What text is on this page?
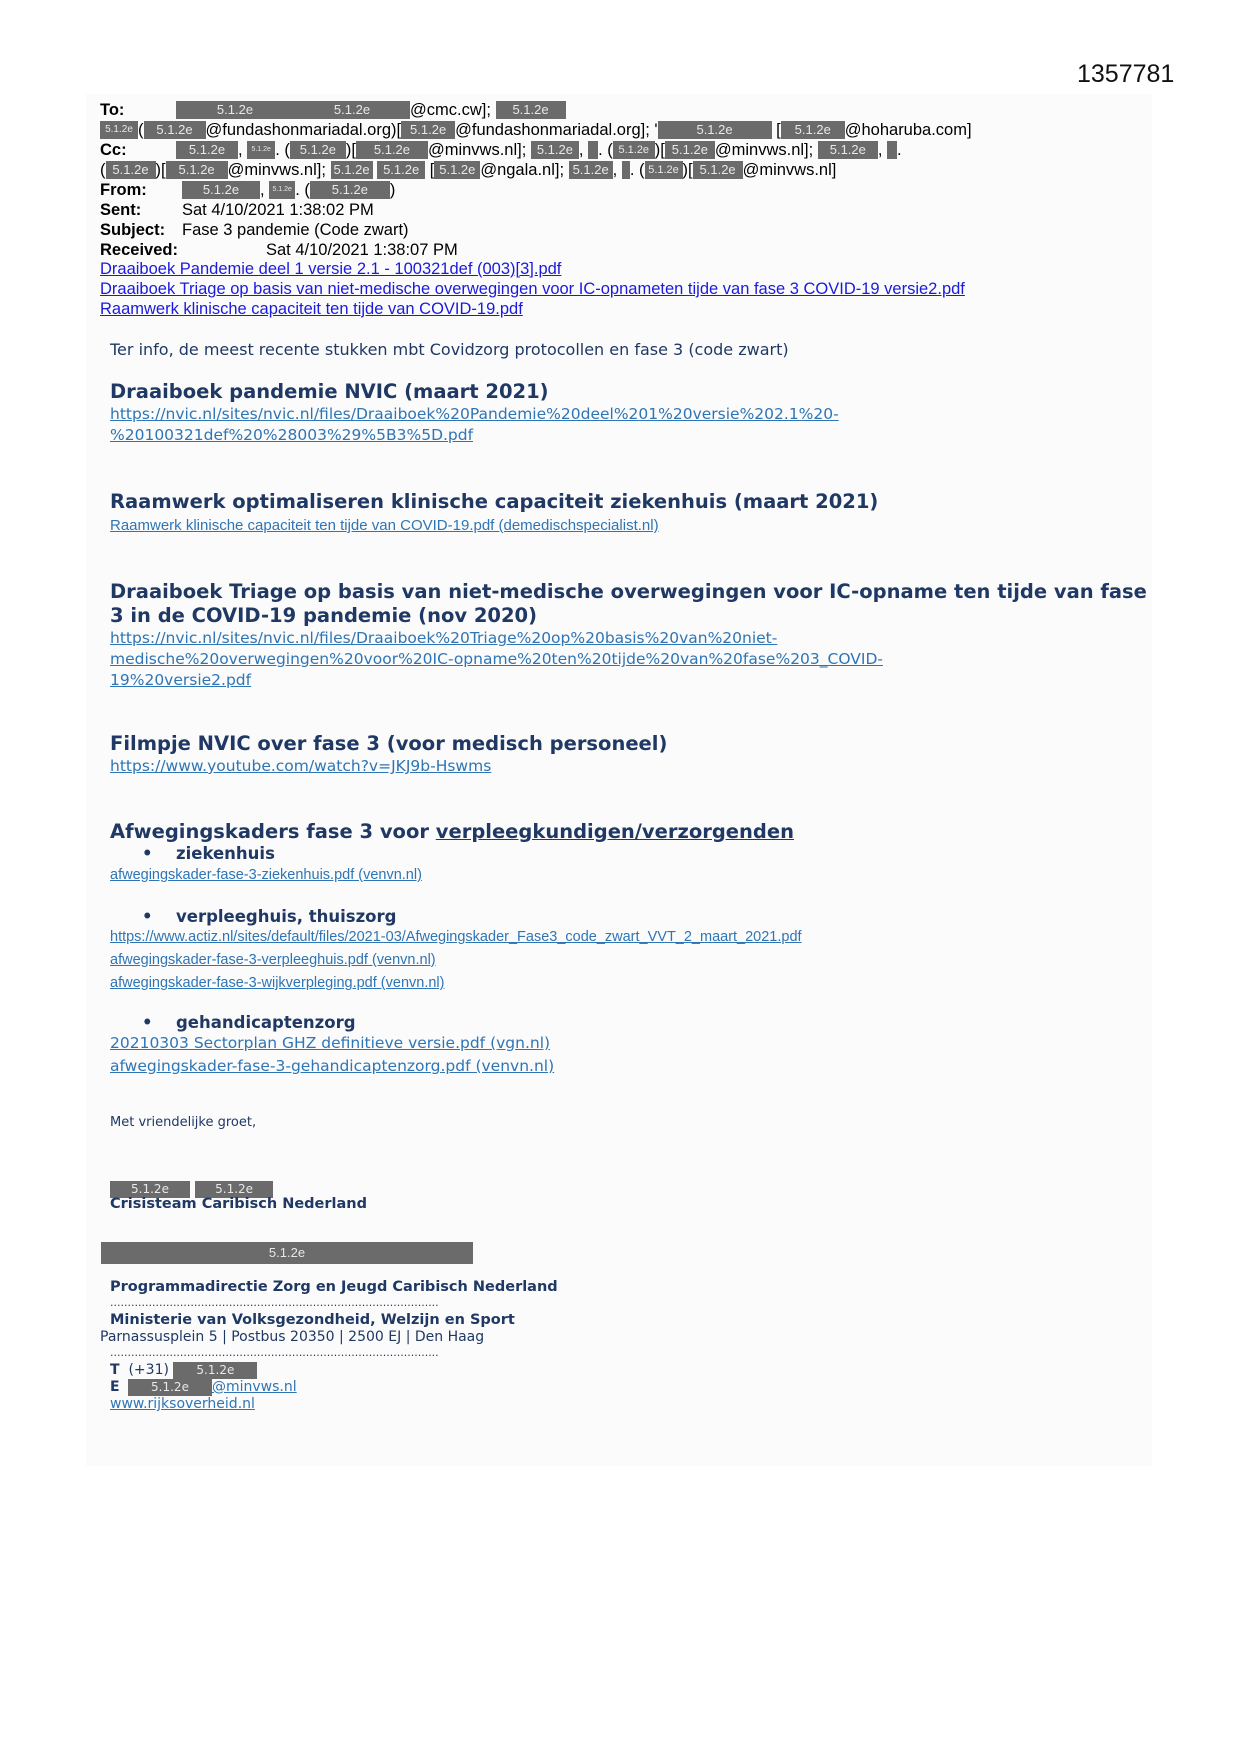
1357781
To:	5.1.2e	5.1.2e @cmc.cw]; 5.1.2e
5.1.2e ( 5.1.2e @fundashonmariadal.org)[ 5.1.2e @fundashonmariadal.org]; '	5.1.2e	[ 5.1.2e @hoharuba.com]
Cc:	5.1.2e , 5.1.2e . ( 5.1.2e )[ 5.1.2e @minvws.nl]; 5.1.2e , . ( 5.1.2e )[ 5.1.2e @minvws.nl]; 5.1.2e , .
( 5.1.2e )[ 5.1.2e @minvws.nl]; 5.1.2e 5.1.2e [ 5.1.2e @ngala.nl]; 5.1.2e , . ( 5.1.2e )[ 5.1.2e @minvws.nl]
From:	5.1.2e , 5.1.2e . ( 5.1.2e )
Sent: Sat 4/10/2021 1:38:02 PM
Subject: Fase 3 pandemie (Code zwart)
Received:	Sat 4/10/2021 1:38:07 PM
Draaiboek Pandemie deel 1 versie 2.1 - 100321def (003)[3].pdf
Draaiboek Triage op basis van niet-medische overwegingen voor IC-opnameten tijde van fase 3 COVID-19 versie2.pdf
Raamwerk klinische capaciteit ten tijde van COVID-19.pdf
Ter info, de meest recente stukken mbt Covidzorg protocollen en fase 3 (code zwart)
Draaiboek pandemie NVIC (maart 2021)
https://nvic.nl/sites/nvic.nl/files/Draaiboek%20Pandemie%20deel%201%20versie%202.1%20-
%20100321def%20%28003%29%5B3%5D.pdf
Raamwerk optimaliseren klinische capaciteit ziekenhuis (maart 2021)
Raamwerk klinische capaciteit ten tijde van COVID-19.pdf (demedischspecialist.nl)
Draaiboek Triage op basis van niet-medische overwegingen voor IC-opname ten tijde van fase
3 in de COVID-19 pandemie (nov 2020)
https://nvic.nl/sites/nvic.nl/files/Draaiboek%20Triage%20op%20basis%20van%20niet-
medische%20overwegingen%20voor%20IC-opname%20ten%20tijde%20van%20fase%203_COVID-
19%20versie2.pdf
Filmpje NVIC over fase 3 (voor medisch personeel)
https://www.youtube.com/watch?v=JKJ9b-Hswms
Afwegingskaders fase 3 voor verpleegkundigen/verzorgenden
• ziekenhuis
afwegingskader-fase-3-ziekenhuis.pdf (venvn.nl)
• verpleeghuis, thuiszorg
https://www.actiz.nl/sites/default/files/2021-03/Afwegingskader_Fase3_code_zwart_VVT_2_maart_2021.pdf
afwegingskader-fase-3-verpleeghuis.pdf (venvn.nl)
afwegingskader-fase-3-wijkverpleging.pdf (venvn.nl)
• gehandicaptenzorg
20210303 Sectorplan GHZ definitieve versie.pdf (vgn.nl)
afwegingskader-fase-3-gehandicaptenzorg.pdf (venvn.nl)
Met vriendelijke groet,
5.1.2e	5.1.2e
Crisisteam Caribisch Nederland
5.1.2e
Programmadirectie Zorg en Jeugd Caribisch Nederland
..............................................................................................
Ministerie van Volksgezondheid, Welzijn en Sport
Parnassusplein 5 | Postbus 20350 | 2500 EJ | Den Haag
..............................................................................................
T (+31) 5.1.2e
E	5.1.2e @minvws.nl
www.rijksoverheid.nl
